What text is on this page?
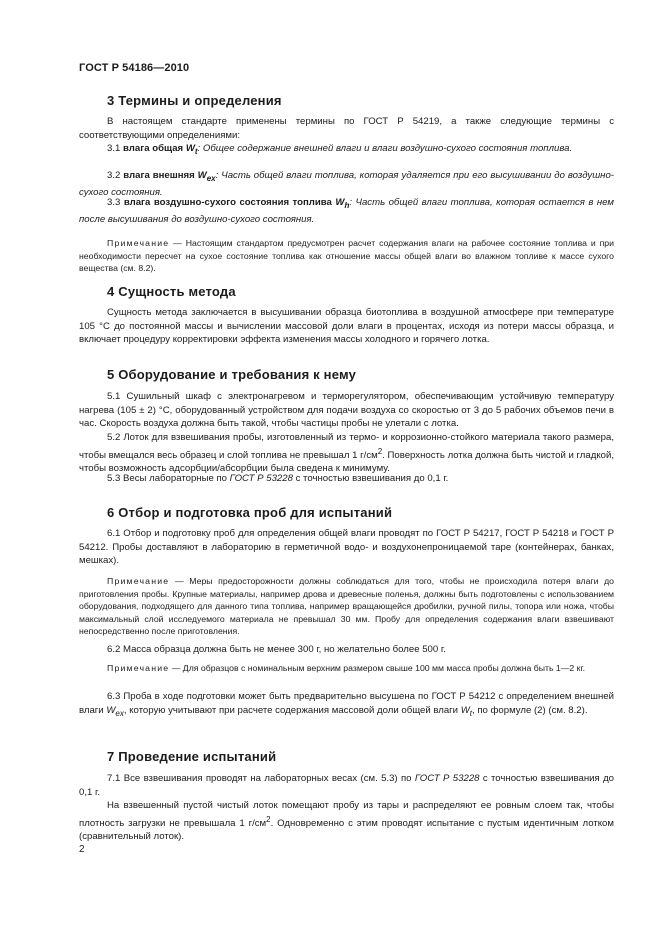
ГОСТ Р 54186—2010
3 Термины и определения
В настоящем стандарте применены термины по ГОСТ Р 54219, а также следующие термины с соответствующими определениями:
3.1 влага общая $W_t$: Общее содержание внешней влаги и влаги воздушно-сухого состояния топлива.
3.2 влага внешняя $W_{ex}$: Часть общей влаги топлива, которая удаляется при его высушивании до воздушно-сухого состояния.
3.3 влага воздушно-сухого состояния топлива $W_h$: Часть общей влаги топлива, которая остается в нем после высушивания до воздушно-сухого состояния.
Примечание — Настоящим стандартом предусмотрен расчет содержания влаги на рабочее состояние топлива и при необходимости пересчет на сухое состояние топлива как отношение массы общей влаги во влажном топливе к массе сухого вещества (см. 8.2).
4 Сущность метода
Сущность метода заключается в высушивании образца биотоплива в воздушной атмосфере при температуре 105 °С до постоянной массы и вычислении массовой доли влаги в процентах, исходя из потери массы образца, и включает процедуру корректировки эффекта изменения массы холодного и горячего лотка.
5 Оборудование и требования к нему
5.1 Сушильный шкаф с электронагревом и терморегулятором, обеспечивающим устойчивую температуру нагрева (105 ± 2) °С, оборудованный устройством для подачи воздуха со скоростью от 3 до 5 рабочих объемов печи в час. Скорость воздуха должна быть такой, чтобы частицы пробы не улетали с лотка.
5.2 Лоток для взвешивания пробы, изготовленный из термо- и коррозионно-стойкого материала такого размера, чтобы вмещался весь образец и слой топлива не превышал 1 $г/см^2$. Поверхность лотка должна быть чистой и гладкой, чтобы возможность адсорбции/абсорбции была сведена к минимуму.
5.3 Весы лабораторные по ГОСТ Р 53228 с точностью взвешивания до 0,1 г.
6 Отбор и подготовка проб для испытаний
6.1 Отбор и подготовку проб для определения общей влаги проводят по ГОСТ Р 54217, ГОСТ Р 54218 и ГОСТ Р 54212. Пробы доставляют в лабораторию в герметичной водо- и воздухонепроницаемой таре (контейнерах, банках, мешках).
Примечание — Меры предосторожности должны соблюдаться для того, чтобы не происходила потеря влаги до приготовления пробы. Крупные материалы, например дрова и древесные поленья, должны быть подготовлены с использованием оборудования, подходящего для данного типа топлива, например вращающейся дробилки, ручной пилы, топора или ножа, чтобы максимальный слой исследуемого материала не превышал 30 мм. Пробу для определения содержания влаги взвешивают непосредственно после приготовления.
6.2 Масса образца должна быть не менее 300 г, но желательно более 500 г.
Примечание — Для образцов с номинальным верхним размером свыше 100 мм масса пробы должна быть 1—2 кг.
6.3 Проба в ходе подготовки может быть предварительно высушена по ГОСТ Р 54212 с определением внешней влаги $W_{ex}$, которую учитывают при расчете содержания массовой доли общей влаги $W_t$, по формуле (2) (см. 8.2).
7 Проведение испытаний
7.1 Все взвешивания проводят на лабораторных весах (см. 5.3) по ГОСТ Р 53228 с точностью взвешивания до 0,1 г.
На взвешенный пустой чистый лоток помещают пробу из тары и распределяют ее ровным слоем так, чтобы плотность загрузки не превышала 1 $г/см^2$. Одновременно с этим проводят испытание с пустым идентичным лотком (сравнительный лоток).
2
